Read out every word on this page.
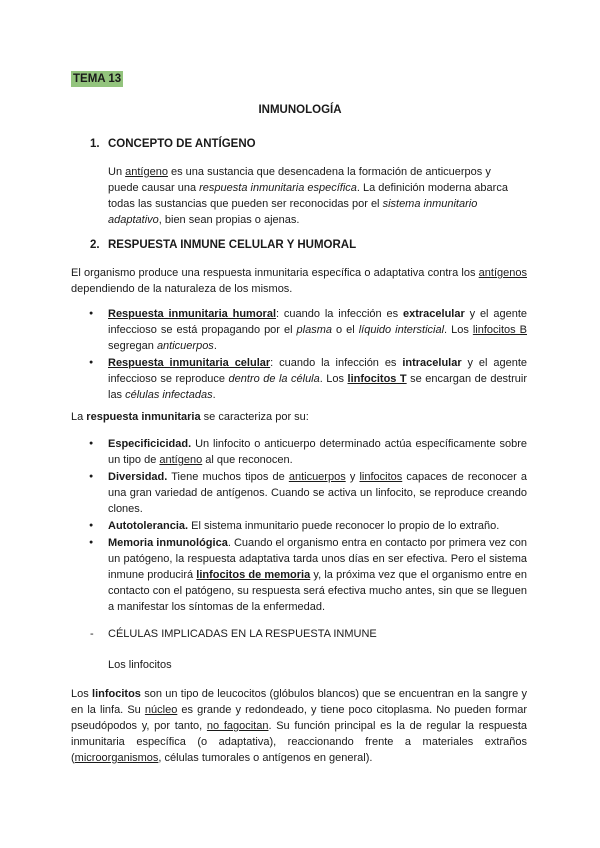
TEMA 13
INMUNOLOGÍA
1. CONCEPTO DE ANTÍGENO
Un antígeno es una sustancia que desencadena la formación de anticuerpos y puede causar una respuesta inmunitaria específica. La definición moderna abarca todas las sustancias que pueden ser reconocidas por el sistema inmunitario adaptativo, bien sean propias o ajenas.
2. RESPUESTA INMUNE CELULAR Y HUMORAL
El organismo produce una respuesta inmunitaria específica o adaptativa contra los antígenos dependiendo de la naturaleza de los mismos.
● Respuesta inmunitaria humoral: cuando la infección es extracelular y el agente infeccioso se está propagando por el plasma o el líquido intersticial. Los linfocitos B segregan anticuerpos.
● Respuesta inmunitaria celular: cuando la infección es intracelular y el agente infeccioso se reproduce dentro de la célula. Los linfocitos T se encargan de destruir las células infectadas.
La respuesta inmunitaria se caracteriza por su:
● Especificicidad. Un linfocito o anticuerpo determinado actúa específicamente sobre un tipo de antígeno al que reconocen.
● Diversidad. Tiene muchos tipos de anticuerpos y linfocitos capaces de reconocer a una gran variedad de antígenos. Cuando se activa un linfocito, se reproduce creando clones.
● Autotolerancia. El sistema inmunitario puede reconocer lo propio de lo extraño.
● Memoria inmunológica. Cuando el organismo entra en contacto por primera vez con un patógeno, la respuesta adaptativa tarda unos días en ser efectiva. Pero el sistema inmune producirá linfocitos de memoria y, la próxima vez que el organismo entre en contacto con el patógeno, su respuesta será efectiva mucho antes, sin que se lleguen a manifestar los síntomas de la enfermedad.
- CÉLULAS IMPLICADAS EN LA RESPUESTA INMUNE
Los linfocitos
Los linfocitos son un tipo de leucocitos (glóbulos blancos) que se encuentran en la sangre y en la linfa. Su núcleo es grande y redondeado, y tiene poco citoplasma. No pueden formar pseudópodos y, por tanto, no fagocitan. Su función principal es la de regular la respuesta inmunitaria específica (o adaptativa), reaccionando frente a materiales extraños (microorganismos, células tumorales o antígenos en general).
